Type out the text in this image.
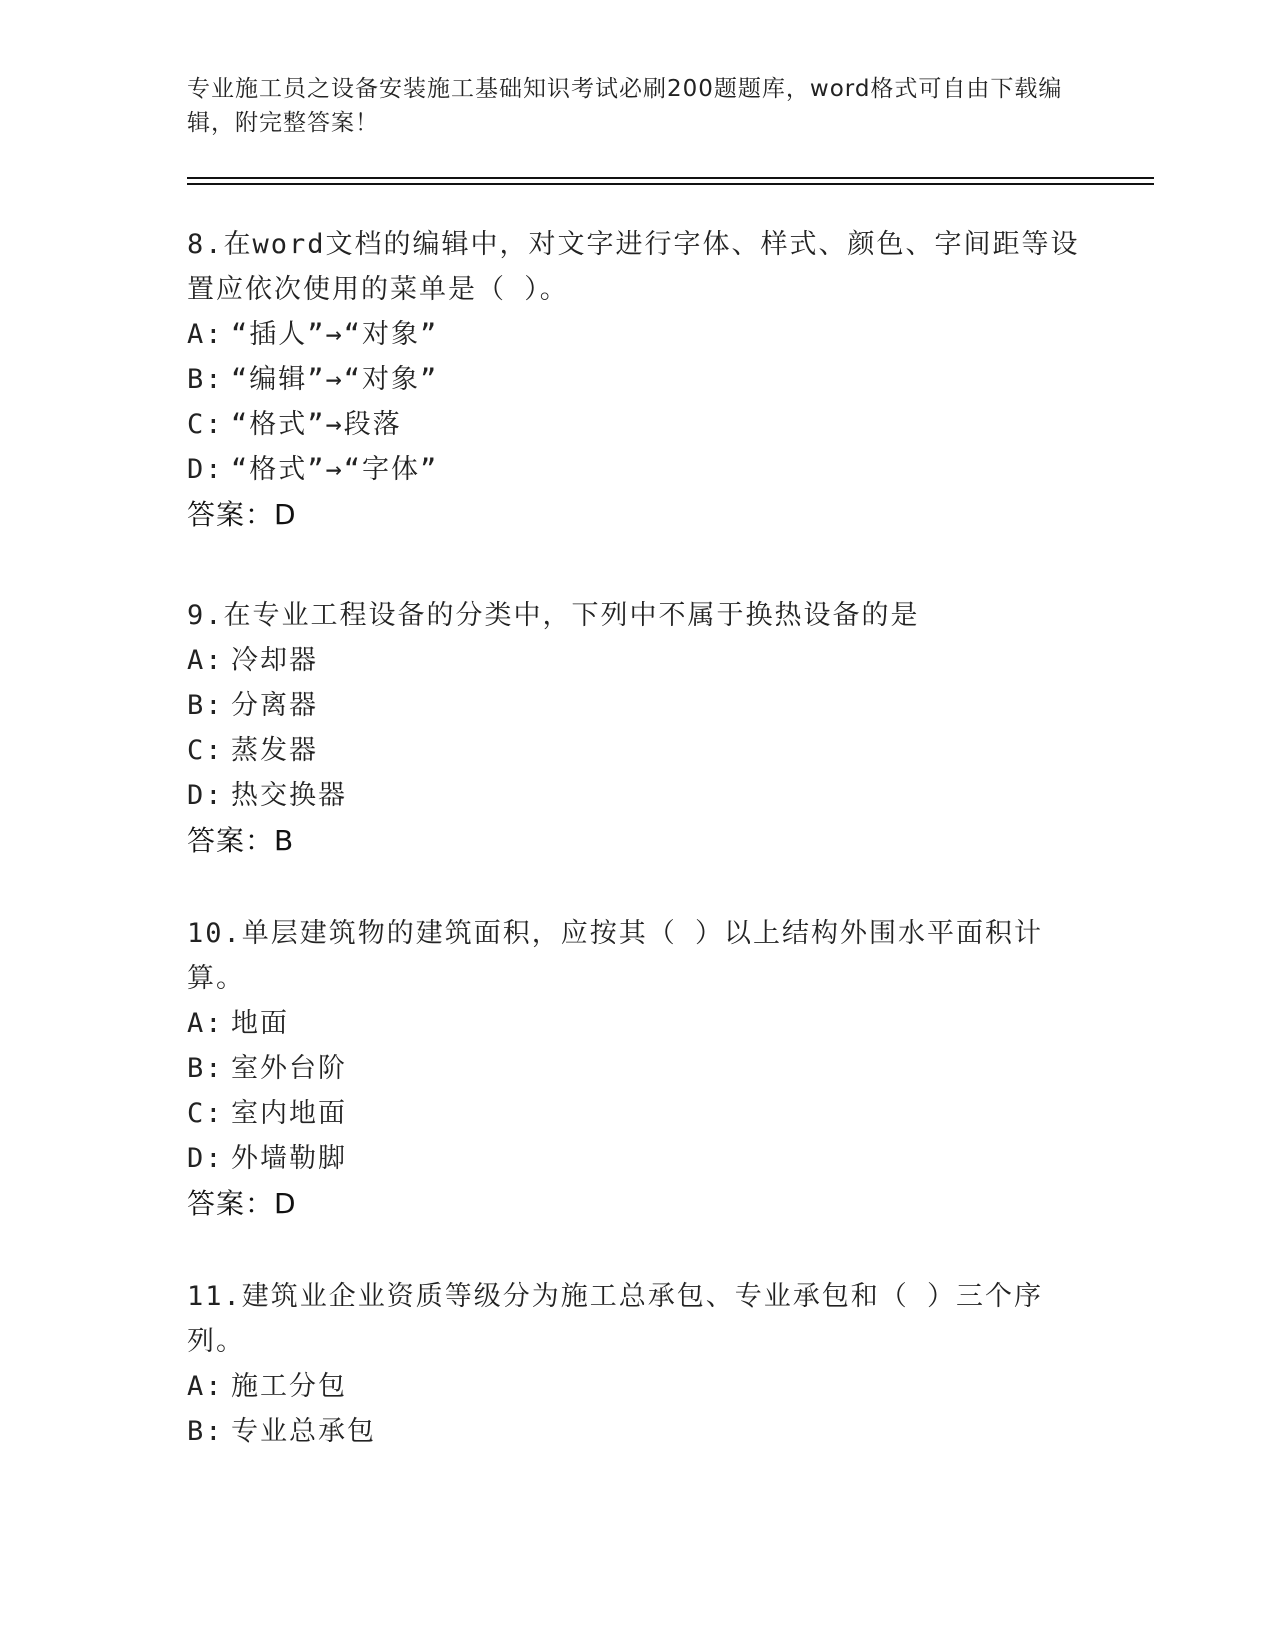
专业施工员之设备安装施工基础知识考试必刷200题题库，word格式可自由下载编辑，附完整答案！

8.在word文档的编辑中，对文字进行字体、样式、颜色、字间距等设置应依次使用的菜单是（ ）。

A: “插人”→“对象”

B: “编辑”→“对象”

C: “格式”→段落

D: “格式”→“字体”

答案：D

9.在专业工程设备的分类中，下列中不属于换热设备的是

A: 冷却器

B: 分离器

C: 蒸发器

D: 热交换器

答案：B

10.单层建筑物的建筑面积，应按其（ ）以上结构外围水平面积计算。

A: 地面

B: 室外台阶

C: 室内地面

D: 外墙勒脚

答案：D

11.建筑业企业资质等级分为施工总承包、专业承包和（ ）三个序列。

A: 施工分包

B: 专业总承包
